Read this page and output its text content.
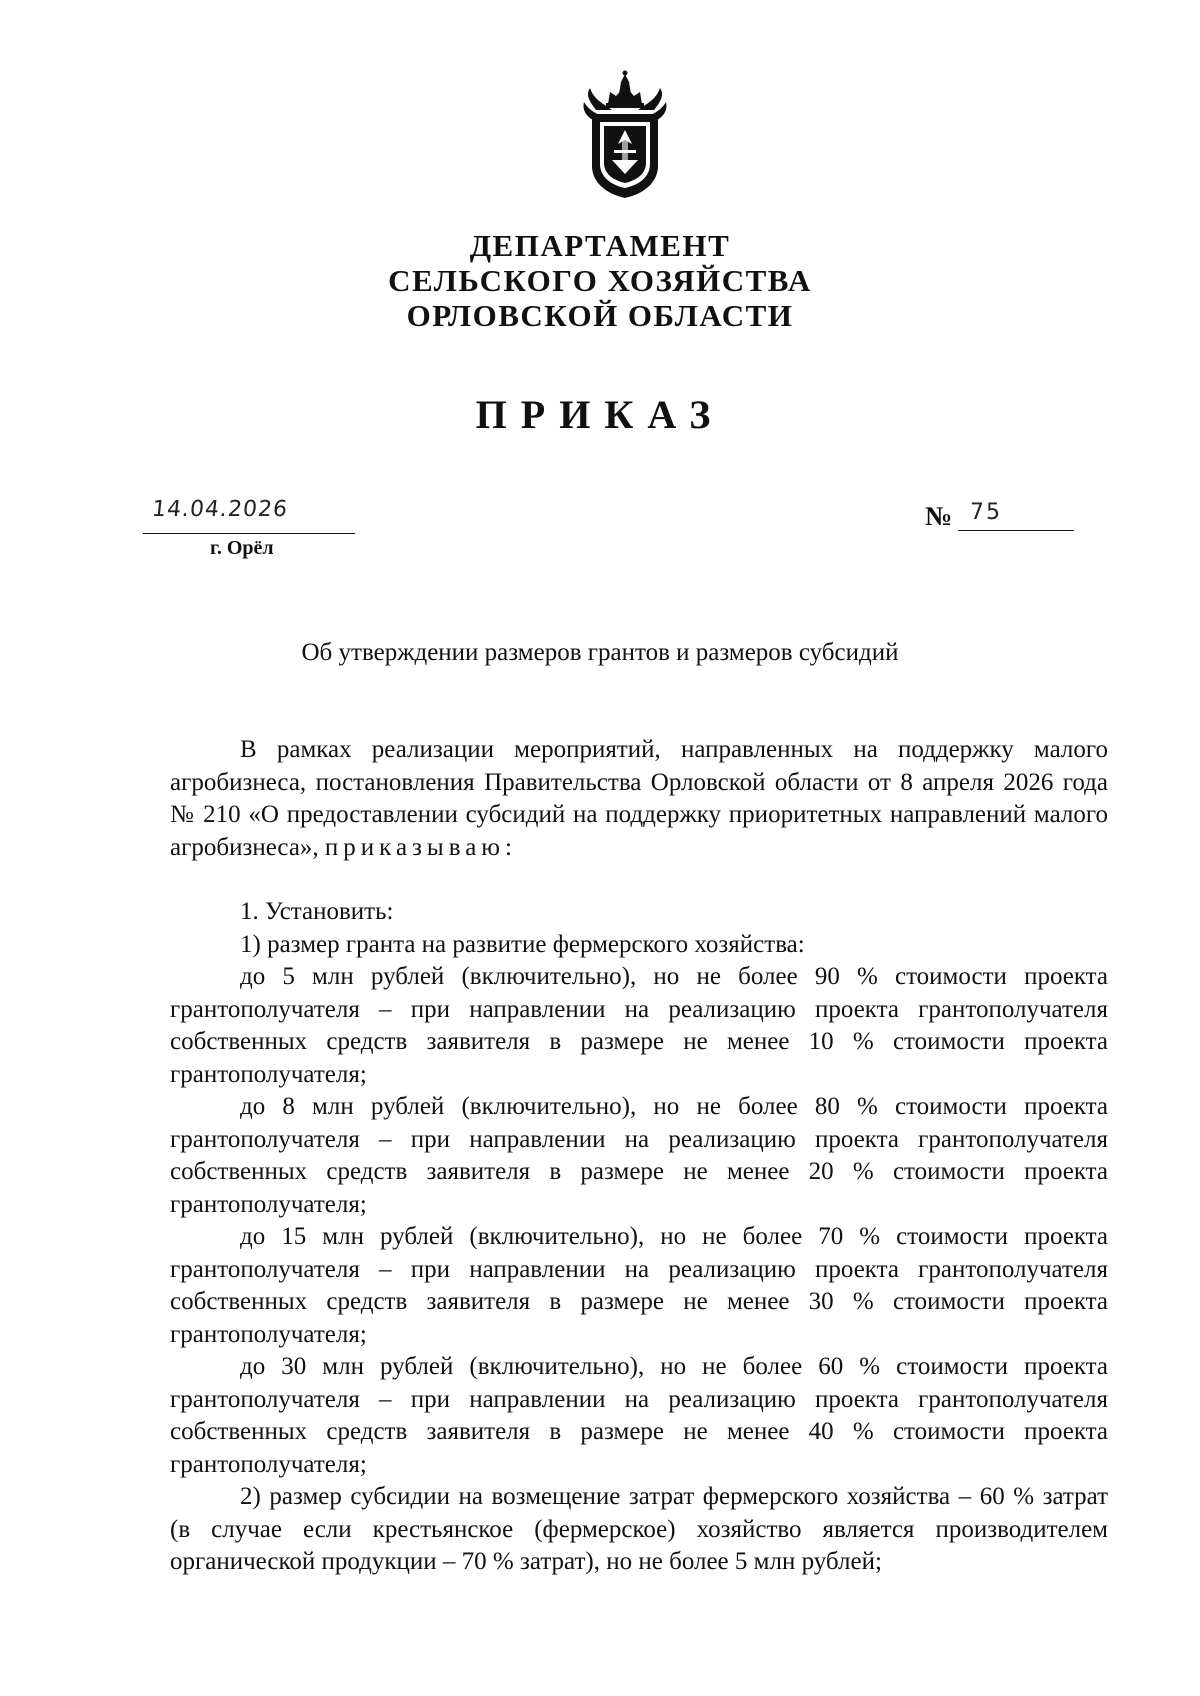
ДЕПАРТАМЕНТ
СЕЛЬСКОГО ХОЗЯЙСТВА
ОРЛОВСКОЙ ОБЛАСТИ
ПРИКАЗ
14.04.2026
г. Орёл
№ 75
Об утверждении размеров грантов и размеров субсидий

В рамках реализации мероприятий, направленных на поддержку малого агробизнеса, постановления Правительства Орловской области от 8 апреля 2026 года № 210 «О предоставлении субсидий на поддержку приоритетных направлений малого агробизнеса», приказываю:

1. Установить:

1) размер гранта на развитие фермерского хозяйства:

до 5 млн рублей (включительно), но не более 90 % стоимости проекта грантополучателя – при направлении на реализацию проекта грантополучателя собственных средств заявителя в размере не менее 10 % стоимости проекта грантополучателя;

до 8 млн рублей (включительно), но не более 80 % стоимости проекта грантополучателя – при направлении на реализацию проекта грантополучателя собственных средств заявителя в размере не менее 20 % стоимости проекта грантополучателя;

до 15 млн рублей (включительно), но не более 70 % стоимости проекта грантополучателя – при направлении на реализацию проекта грантополучателя собственных средств заявителя в размере не менее 30 % стоимости проекта грантополучателя;

до 30 млн рублей (включительно), но не более 60 % стоимости проекта грантополучателя – при направлении на реализацию проекта грантополучателя собственных средств заявителя в размере не менее 40 % стоимости проекта грантополучателя;

2) размер субсидии на возмещение затрат фермерского хозяйства – 60 % затрат (в случае если крестьянское (фермерское) хозяйство является производителем органической продукции – 70 % затрат), но не более 5 млн рублей;
